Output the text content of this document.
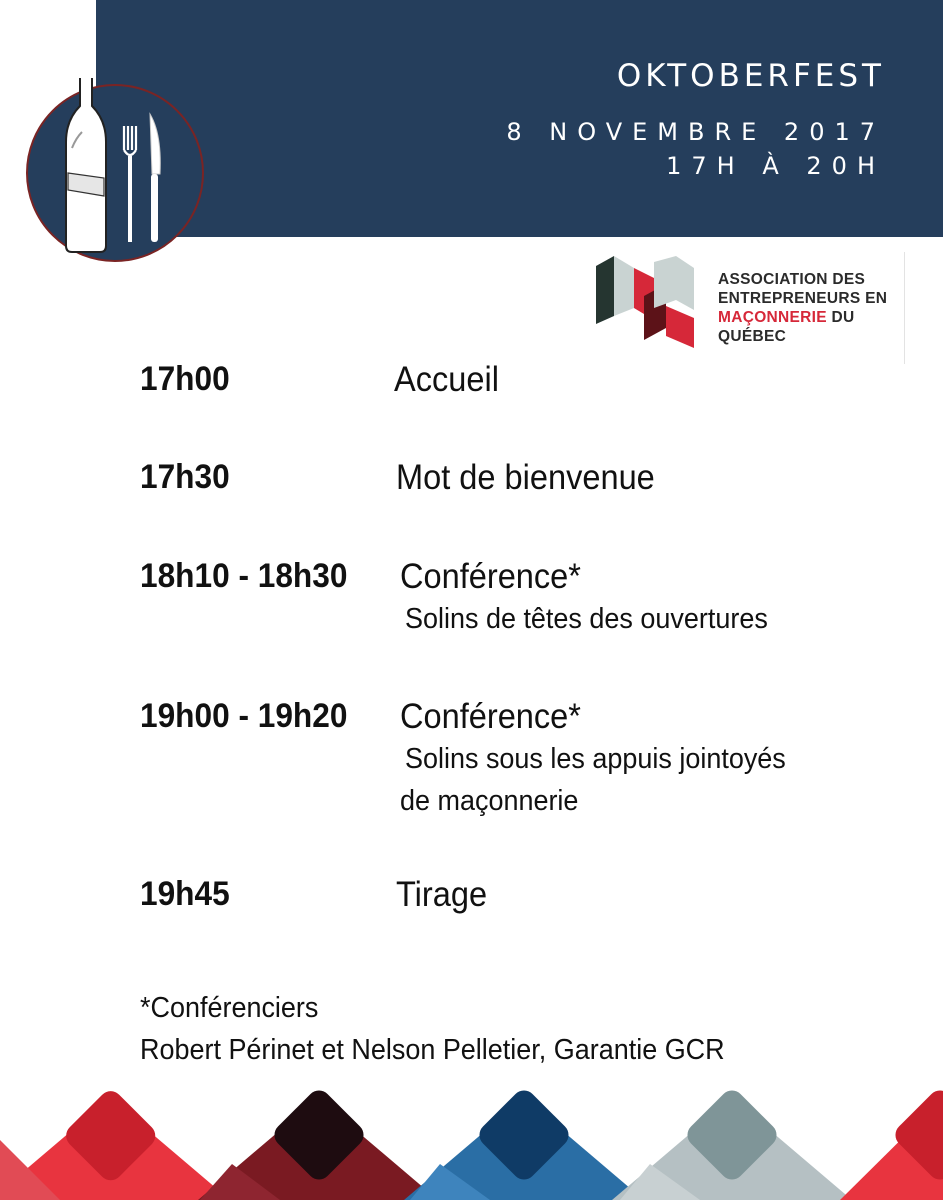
OKTOBERFEST
8 NOVEMBRE 2017
17H À 20H
ASSOCIATION DES
ENTREPRENEURS EN
MAÇONNERIE DU
QUÉBEC
17h00	Accueil
17h30	Mot de bienvenue
18h10 - 18h30 Conférence*
Solins de têtes des ouvertures
19h00 - 19h20 Conférence*
Solins sous les appuis jointoyés
de maçonnerie
19h45	Tirage
*Conférenciers
Robert Périnet et Nelson Pelletier, Garantie GCR
